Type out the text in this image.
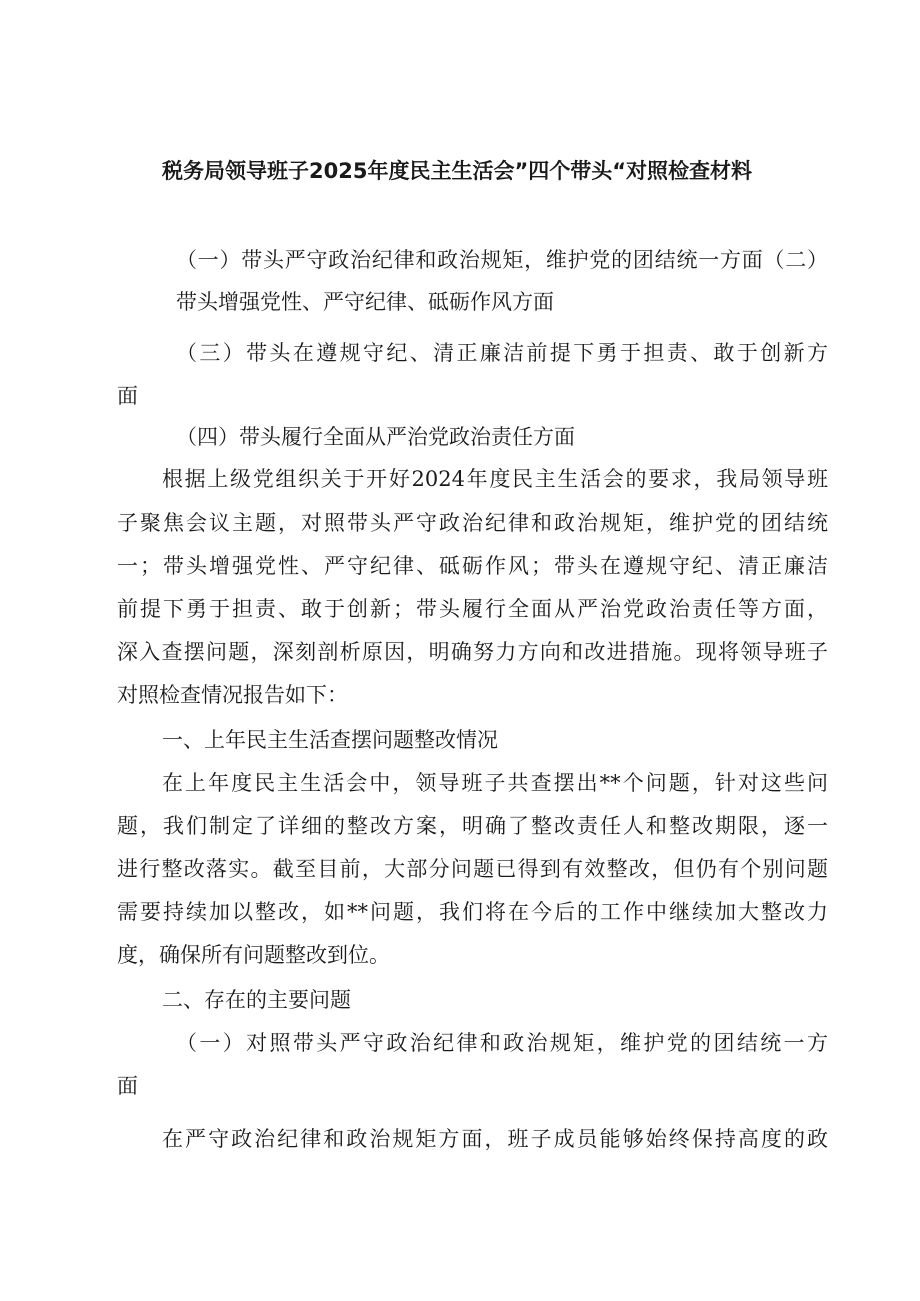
税务局领导班子2025年度民主生活会”四个带头“对照检查材料
（一）带头严守政治纪律和政治规矩，维护党的团结统一方面（二）
带头增强党性、严守纪律、砥砺作风方面
（三）带头在遵规守纪、清正廉洁前提下勇于担责、敢于创新方
面
（四）带头履行全面从严治党政治责任方面
根据上级党组织关于开好2024年度民主生活会的要求，我局领导班
子聚焦会议主题，对照带头严守政治纪律和政治规矩，维护党的团结统
一；带头增强党性、严守纪律、砥砺作风；带头在遵规守纪、清正廉洁
前提下勇于担责、敢于创新；带头履行全面从严治党政治责任等方面，
深入查摆问题，深刻剖析原因，明确努力方向和改进措施。现将领导班子
对照检查情况报告如下：
一、上年民主生活查摆问题整改情况
在上年度民主生活会中，领导班子共查摆出**个问题，针对这些问
题，我们制定了详细的整改方案，明确了整改责任人和整改期限，逐一
进行整改落实。截至目前，大部分问题已得到有效整改，但仍有个别问题
需要持续加以整改，如**问题，我们将在今后的工作中继续加大整改力
度，确保所有问题整改到位。
二、存在的主要问题
（一）对照带头严守政治纪律和政治规矩，维护党的团结统一方
面
在严守政治纪律和政治规矩方面，班子成员能够始终保持高度的政
